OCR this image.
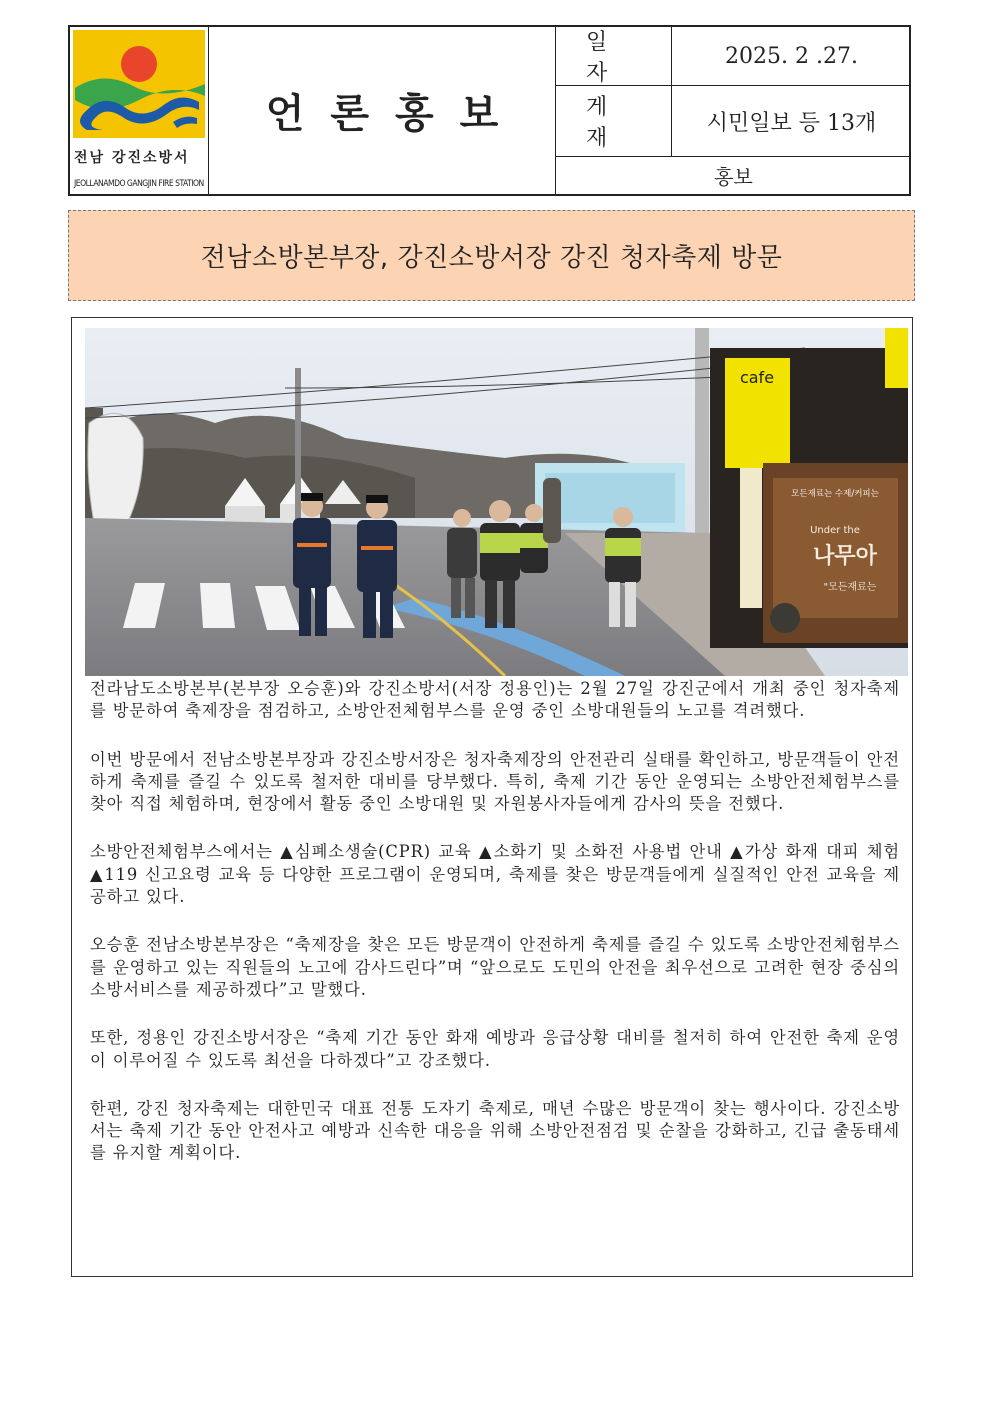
전남 강진소방서
JEOLLANAMDO GANGJIN FIRE STATION
언론홍보
일자
2025. 2 .27.
게재
시민일보 등 13개
홍보
전남소방본부장, 강진소방서장 강진 청자축제 방문
cafe
모든재료는 수제/커피는
Under the
나무아
"모든재료는

전라남도소방본부(본부장 오승훈)와 강진소방서(서장 정용인)는 2월 27일 강진군에서 개최 중인 청자축제를 방문하여 축제장을 점검하고, 소방안전체험부스를 운영 중인 소방대원들의 노고를 격려했다.

이번 방문에서 전남소방본부장과 강진소방서장은 청자축제장의 안전관리 실태를 확인하고, 방문객들이 안전하게 축제를 즐길 수 있도록 철저한 대비를 당부했다. 특히, 축제 기간 동안 운영되는 소방안전체험부스를 찾아 직접 체험하며, 현장에서 활동 중인 소방대원 및 자원봉사자들에게 감사의 뜻을 전했다.

소방안전체험부스에서는 ▲심폐소생술(CPR) 교육 ▲소화기 및 소화전 사용법 안내 ▲가상 화재 대피 체험 ▲119 신고요령 교육 등 다양한 프로그램이 운영되며, 축제를 찾은 방문객들에게 실질적인 안전 교육을 제공하고 있다.

오승훈 전남소방본부장은 “축제장을 찾은 모든 방문객이 안전하게 축제를 즐길 수 있도록 소방안전체험부스를 운영하고 있는 직원들의 노고에 감사드린다”며 “앞으로도 도민의 안전을 최우선으로 고려한 현장 중심의 소방서비스를 제공하겠다”고 말했다.

또한, 정용인 강진소방서장은 “축제 기간 동안 화재 예방과 응급상황 대비를 철저히 하여 안전한 축제 운영이 이루어질 수 있도록 최선을 다하겠다”고 강조했다.

한편, 강진 청자축제는 대한민국 대표 전통 도자기 축제로, 매년 수많은 방문객이 찾는 행사이다. 강진소방서는 축제 기간 동안 안전사고 예방과 신속한 대응을 위해 소방안전점검 및 순찰을 강화하고, 긴급 출동태세를 유지할 계획이다.
